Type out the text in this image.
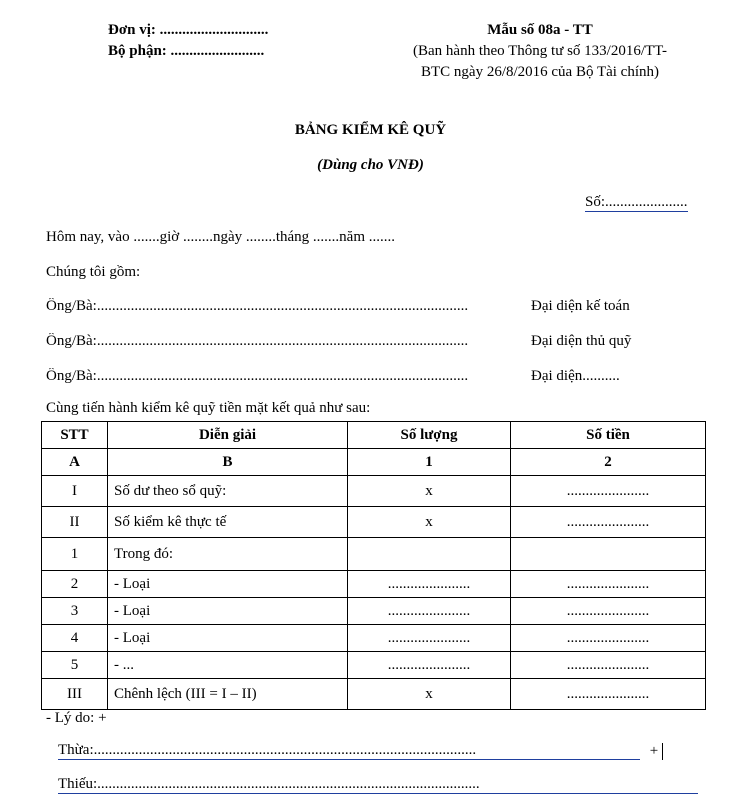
Đơn vị: .............................
Bộ phận: .........................
Mẫu số 08a - TT
(Ban hành theo Thông tư số 133/2016/TT-
BTC ngày 26/8/2016 của Bộ Tài chính)
BẢNG KIỂM KÊ QUỸ
(Dùng cho VNĐ)
Số:......................
Hôm nay, vào .......giờ ........ngày ........tháng .......năm .......
Chúng tôi gồm:
Ông/Bà:...................................................................................................	Đại diện kế toán
Ông/Bà:...................................................................................................	Đại diện thủ quỹ
Ông/Bà:...................................................................................................	Đại diện..........
Cùng tiến hành kiểm kê quỹ tiền mặt kết quả như sau:
STT	Diễn giải	Số lượng	Số tiền
A	B	1	2
I	Số dư theo sổ quỹ:	x	......................
II	Số kiểm kê thực tế	x	......................
1	Trong đó:		
2	- Loại	......................	......................
3	- Loại	......................	......................
4	- Loại	......................	......................
5	- ...	......................	......................
III	Chênh lệch (III = I – II)	x	......................
- Lý do: +
Thừa:......................................................................................................	+
Thiếu:......................................................................................................
